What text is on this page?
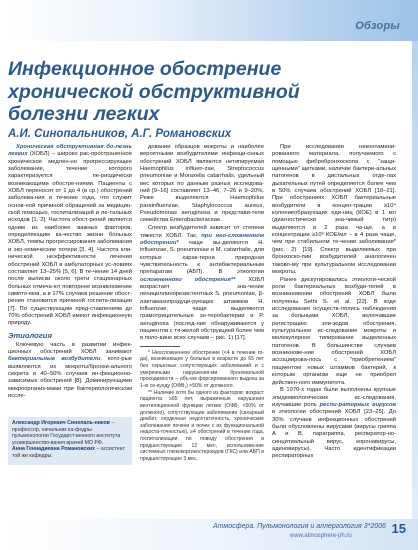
Обзоры
Инфекционное обострение хронической обструктивной болезни легких
А.И. Синопальников, А.Г. Романовских

Хроническая обструктивная бо-лезнь легких (ХОБЛ) – широко рас-пространенное хроническое медлен-но прогрессирующее заболевание, течение которого характеризуется пе-риодически возникающими обостре-ниями. Пациенты с ХОБЛ переносят от 1 до 4 (в ср.) обострений заболева-ния в течение года, что служит основ-ной причиной обращений за медицин-ской помощью, госпитализаций и ле-тальных исходов [1, 2]. Частота обост-рений является одним из наиболее важных факторов, определяющим ка-чество жизни больных ХОБЛ, темпы прогрессирования заболевания и эко-номические потери [3, 4]. Частота кли-нической неэффективности лечения обострений ХОБЛ в амбулаторных ус-ловиях составляет 13–25% [5, 6]. В те-чение 14 дней после выписки около трети стационарных больных отмеча-ют повторное возникновение симпто-мов, а в 17% случаев решение обост-рения становится причиной госпита-лизации [7]. По существующим пред-ставлениям до 70% обострений ХОБЛ имеют инфекционную природу.

Этиология

Ключевую часть в развитии инфек-ционных обострений ХОБЛ занимают бактериальные возбудители, кото-рые выявляются из мокроты/бронхи-ального секрета в 40–50% случаев ин-фекционно-зависимых обострений [8]. Доминирующими микроорганиз-мами при бактериологическом иссле-

Александр Игоревич Синопаль-ников – профессор, начальник ка-федры пульмонологии Государст-венного института усовершенство-вания врачей МО РФ.
Анна Геннадиевна Романовских – ассистент той же кафедры.

довании образцов мокроты и наиболее вероятными возбудителями инфекци-онных обострений ХОБЛ являются нетипируемая Haemophilus influen-zae, Streptococcus pneumoniae и Moraxella catarrhalis, удельный вес которых по данным разных исследова-ний [9–16] составляет 13–46, 7–26 и 9–20%. Реже выделяются Haemophilus parainfluenzae, Staphylococcus aureus, Pseudomonas aeruginosa и представи-тели семейства Enterobacteriaceae.

Спектр возбудителей зависит от степени тяжести ХОБЛ. Так, при нео-сложненном обострении* чаще вы-деляются H. influenzae, S. pneumoniae и M. catarrhalis, для которых харак-терна природная чувствительность к антибактериальным препаратам (АБП). В этиологии осложненного обострения** ХОБЛ возрастает зна-чение пенициллинорезистентных S. pneumoniae, β-лактамазопродуци-рующих штаммов H. influenzae, чаще выделяются грамотрицательные эн-теробактерии и P. aeruginosa (послед-ние обнаруживаются у пациентов с тя-желой обструкцией более чем в поло-вине всех случаев – рис. 1) [17].

* Неосложненное обострение (<4 в течение го-да), возникающее у больных в возрасте до 65 лет без серьезных сопутствующих заболеваний и с умеренными нарушения-ми бронхиальной проходимости – объ-ем форсированного выдоха за 1-ю се-кунду (ОФВ₁) >50% от должного.

** Наличие хотя бы одного из факторов: возраст пациента ≥65 лет, выраженные нарушения вентиляционной функции легких (ОФВ₁ <50% от должного), сопутствующие заболевания (сахарный диабет, сердечная недостаточность, хронические заболевания печени и почек с их функциональной недоста-точностью), ≥4 обострений в течение года, госпитализации по поводу обострения в предшествующие 12 мес, использова-ние системных глюкокортикостероидов (ГКС) или АБП в предшествующие 3 мес.

При исследовании неконтамини-рованного материала, получаемого с помощью фибробронхоскопа с "защи-щенными" щетками, наличие бактери-альных патогенов в дистальных отде-лах дыхательных путей определяется более чем в 50% случаев обострений ХОБЛ [18–21]. При обострениях ХОБЛ бактериальные возбудители в концен-трации ≥10⁴ колониеобразующих еди-ниц (КОЕ) в 1 мл (диагностически зна-чимый титр) выделяются в 2 раза ча-ще, а в концентрации ≥10³ КОЕ/мл – в 4 раза чаще, чем при стабильном те-чении заболевания* (рис. 2) [19]. Спектр выделяемых при бронхоско-пии возбудителей аналогичен таково-му при культуральном исследовании мокроты.

Ранее дискутировалась этиологи-ческой роли бактериальных возбуди-телей в возникновении обострений ХОБЛ были получены Sethi S. et al. [22]. В ходе исследования осуществ-лялись наблюдения за больными ХОБЛ, включавшие регистрацию эпи-зодов обострения, культуральное ис-следование мокроты и молекулярное типирование выделенных патогенов. В большинстве случаев возникнове-ние обострений ХОБЛ ассоциирова-лось с "приобретением" пациентом новых штаммов бактерий, к которым организм еще не приобрел действен-ного иммунитета.

В 1970-х годах были выполнены крупные эпидемиологические ис-следования, изучавшие роль респи-раторных вирусов в этиологии обострений ХОБЛ [23–25]. До 30% случаев инфекционных обострений были обусловлены вирусами (вирусы гриппа А и В, парагриппа, респиратор-но-синцитиальный вирус, коронавирусы, аденовирусы). Часто идентификации респираторных

Атмосфера. Пульмонология и аллергология 3*2006
www.atmosphere-ph.ru	15
